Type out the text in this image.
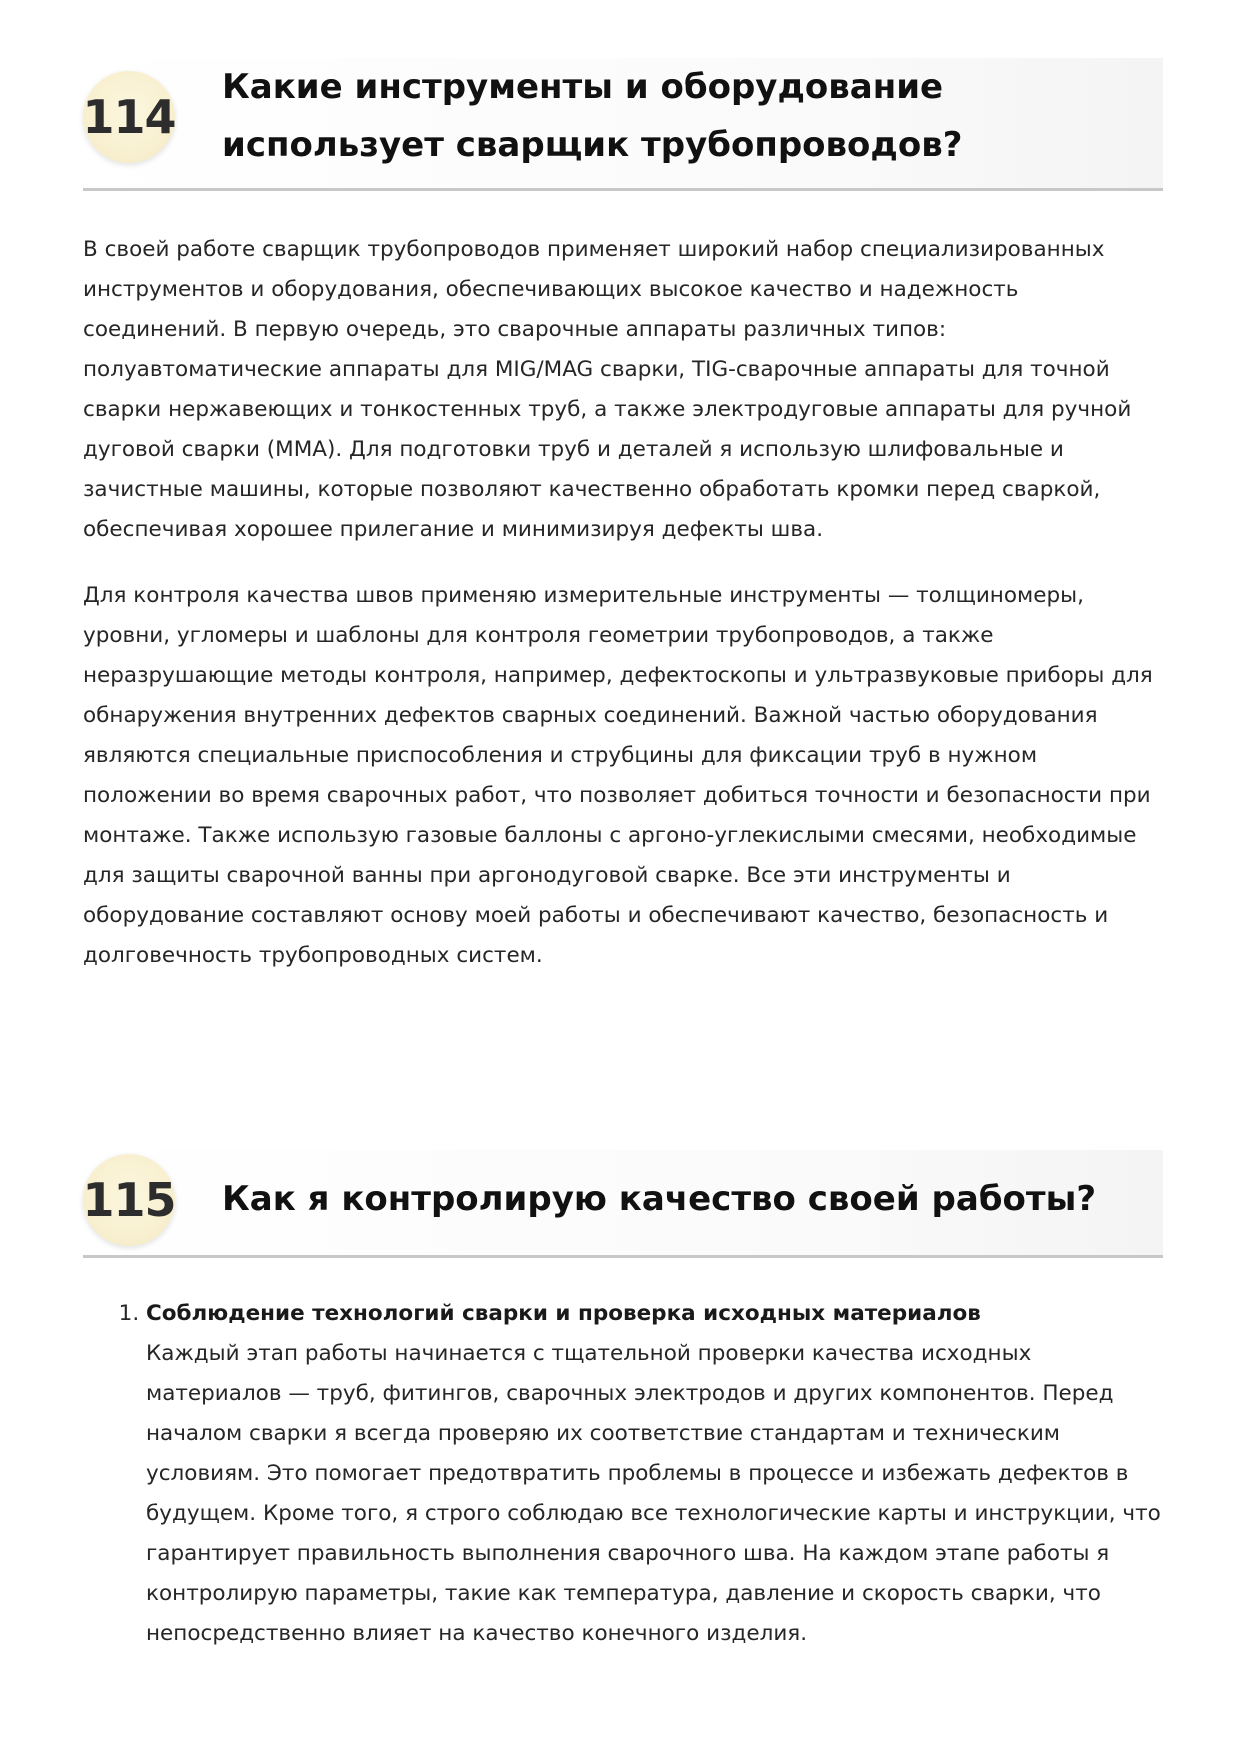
114
Какие инструменты и оборудование использует сварщик трубопроводов?

В своей работе сварщик трубопроводов применяет широкий набор специализированных инструментов и оборудования, обеспечивающих высокое качество и надежность соединений. В первую очередь, это сварочные аппараты различных типов: полуавтоматические аппараты для MIG/MAG сварки, TIG-сварочные аппараты для точной сварки нержавеющих и тонкостенных труб, а также электродуговые аппараты для ручной дуговой сварки (MMA). Для подготовки труб и деталей я использую шлифовальные и зачистные машины, которые позволяют качественно обработать кромки перед сваркой, обеспечивая хорошее прилегание и минимизируя дефекты шва.

Для контроля качества швов применяю измерительные инструменты — толщиномеры, уровни, угломеры и шаблоны для контроля геометрии трубопроводов, а также неразрушающие методы контроля, например, дефектоскопы и ультразвуковые приборы для обнаружения внутренних дефектов сварных соединений. Важной частью оборудования являются специальные приспособления и струбцины для фиксации труб в нужном положении во время сварочных работ, что позволяет добиться точности и безопасности при монтаже. Также использую газовые баллоны с аргоно-углекислыми смесями, необходимые для защиты сварочной ванны при аргонодуговой сварке. Все эти инструменты и оборудование составляют основу моей работы и обеспечивают качество, безопасность и долговечность трубопроводных систем.

115 Как я контролирую качество своей работы?
1. Соблюдение технологий сварки и проверка исходных материалов
Каждый этап работы начинается с тщательной проверки качества исходных материалов — труб, фитингов, сварочных электродов и других компонентов. Перед началом сварки я всегда проверяю их соответствие стандартам и техническим условиям. Это помогает предотвратить проблемы в процессе и избежать дефектов в будущем. Кроме того, я строго соблюдаю все технологические карты и инструкции, что гарантирует правильность выполнения сварочного шва. На каждом этапе работы я контролирую параметры, такие как температура, давление и скорость сварки, что непосредственно влияет на качество конечного изделия.
